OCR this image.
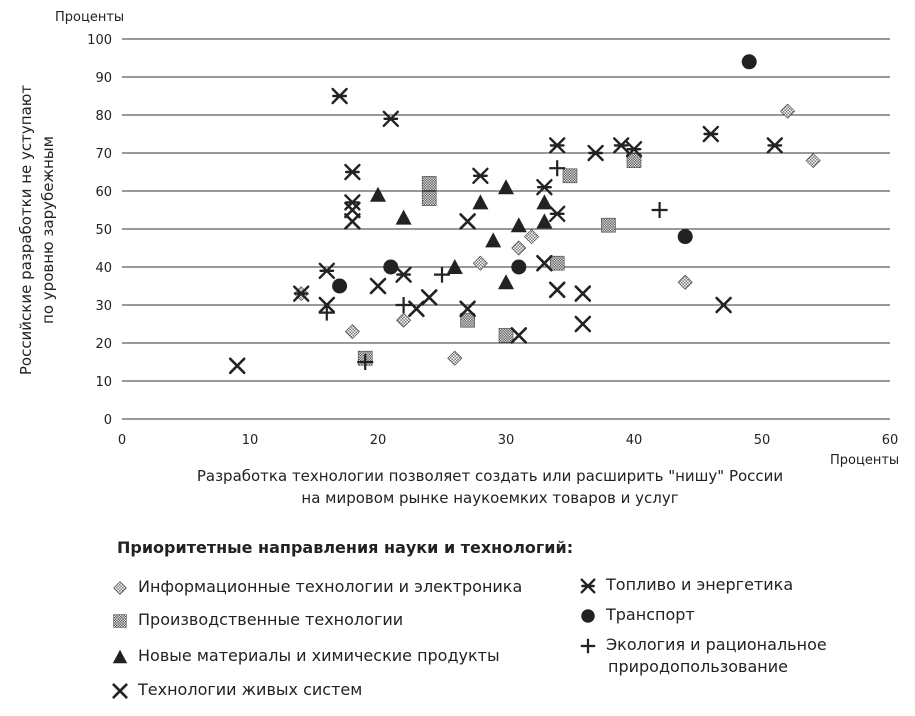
0
10
20
30
40
50
60
70
80
90
100
0	10	20	30	40	50	60
Проценты
Проценты
Российские разработки не уступают по уровню зарубежным
Разработка технологии позволяет создать или расширить "нишу" России
на мировом рынке наукоемких товаров и услуг
Приоритетные направления науки и технологий:
Информационные технологии и электроника
Производственные технологии
Новые материалы и химические продукты
Технологии живых систем
Топливо и энергетика
Транспорт
Экология и рациональное
природопользование
